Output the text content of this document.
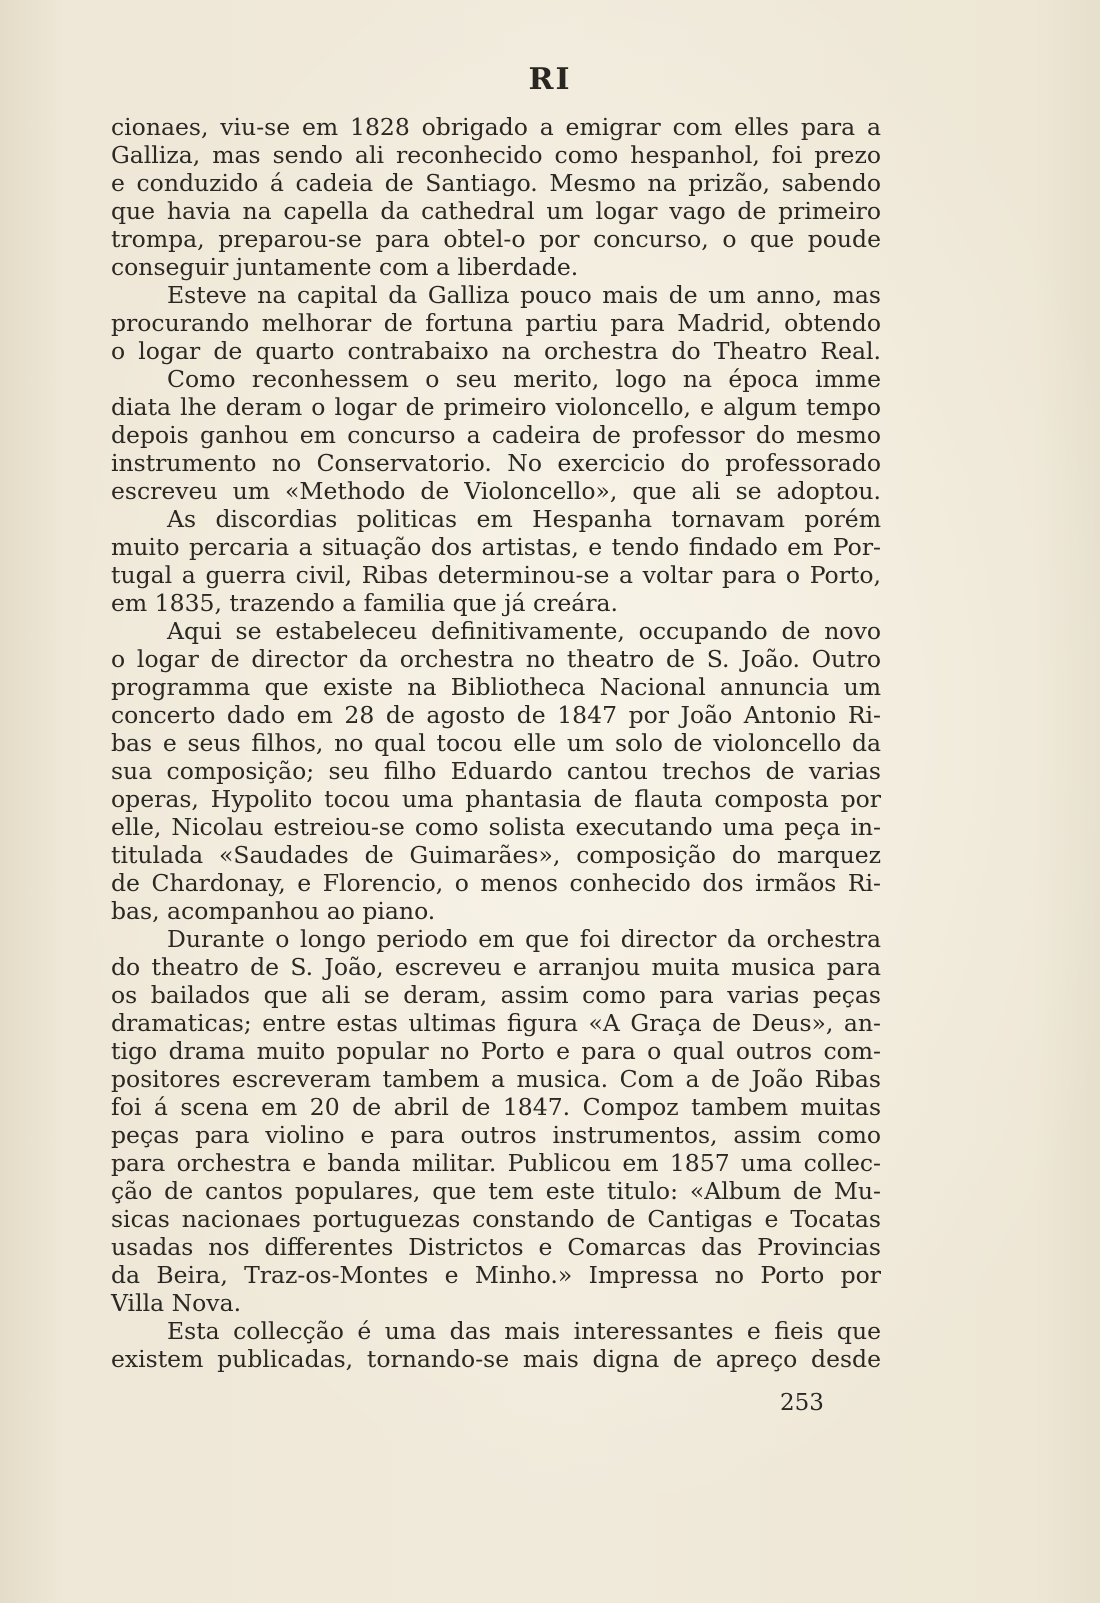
RI
cionaes, viu-se em 1828 obrigado a emigrar com elles para a
Galliza, mas sendo ali reconhecido como hespanhol, foi prezo
e conduzido á cadeia de Santiago. Mesmo na prizão, sabendo
que havia na capella da cathedral um logar vago de primeiro
trompa, preparou-se para obtel-o por concurso, o que poude
conseguir juntamente com a liberdade.
Esteve na capital da Galliza pouco mais de um anno, mas
procurando melhorar de fortuna partiu para Madrid, obtendo
o logar de quarto contrabaixo na orchestra do Theatro Real.
Como reconhessem o seu merito, logo na época imme
diata lhe deram o logar de primeiro violoncello, e algum tempo
depois ganhou em concurso a cadeira de professor do mesmo
instrumento no Conservatorio. No exercicio do professorado
escreveu um «Methodo de Violoncello», que ali se adoptou.
As discordias politicas em Hespanha tornavam porém
muito percaria a situação dos artistas, e tendo findado em Por-
tugal a guerra civil, Ribas determinou-se a voltar para o Porto,
em 1835, trazendo a familia que já creára.
Aqui se estabeleceu definitivamente, occupando de novo
o logar de director da orchestra no theatro de S. João. Outro
programma que existe na Bibliotheca Nacional annuncia um
concerto dado em 28 de agosto de 1847 por João Antonio Ri-
bas e seus filhos, no qual tocou elle um solo de violoncello da
sua composição; seu filho Eduardo cantou trechos de varias
operas, Hypolito tocou uma phantasia de flauta composta por
elle, Nicolau estreiou-se como solista executando uma peça in-
titulada «Saudades de Guimarães», composição do marquez
de Chardonay, e Florencio, o menos conhecido dos irmãos Ri-
bas, acompanhou ao piano.
Durante o longo periodo em que foi director da orchestra
do theatro de S. João, escreveu e arranjou muita musica para
os bailados que ali se deram, assim como para varias peças
dramaticas; entre estas ultimas figura «A Graça de Deus», an-
tigo drama muito popular no Porto e para o qual outros com-
positores escreveram tambem a musica. Com a de João Ribas
foi á scena em 20 de abril de 1847. Compoz tambem muitas
peças para violino e para outros instrumentos, assim como
para orchestra e banda militar. Publicou em 1857 uma collec-
ção de cantos populares, que tem este titulo: «Album de Mu-
sicas nacionaes portuguezas constando de Cantigas e Tocatas
usadas nos differentes Districtos e Comarcas das Provincias
da Beira, Traz-os-Montes e Minho.» Impressa no Porto por
Villa Nova.
Esta collecção é uma das mais interessantes e fieis que
existem publicadas, tornando-se mais digna de apreço desde
253
